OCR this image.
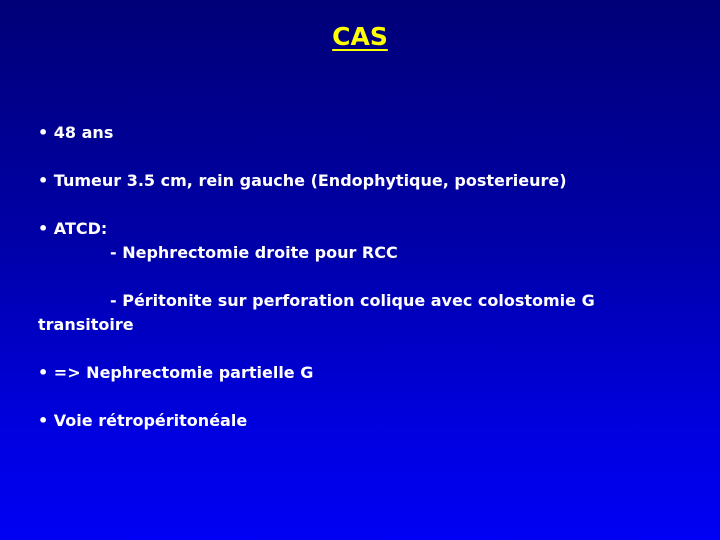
CAS
• 48 ans
• Tumeur 3.5 cm, rein gauche (Endophytique, posterieure)
• ATCD:
- Nephrectomie droite pour RCC
- Péritonite sur perforation colique avec colostomie G
transitoire
• => Nephrectomie partielle G
• Voie rétropéritonéale
